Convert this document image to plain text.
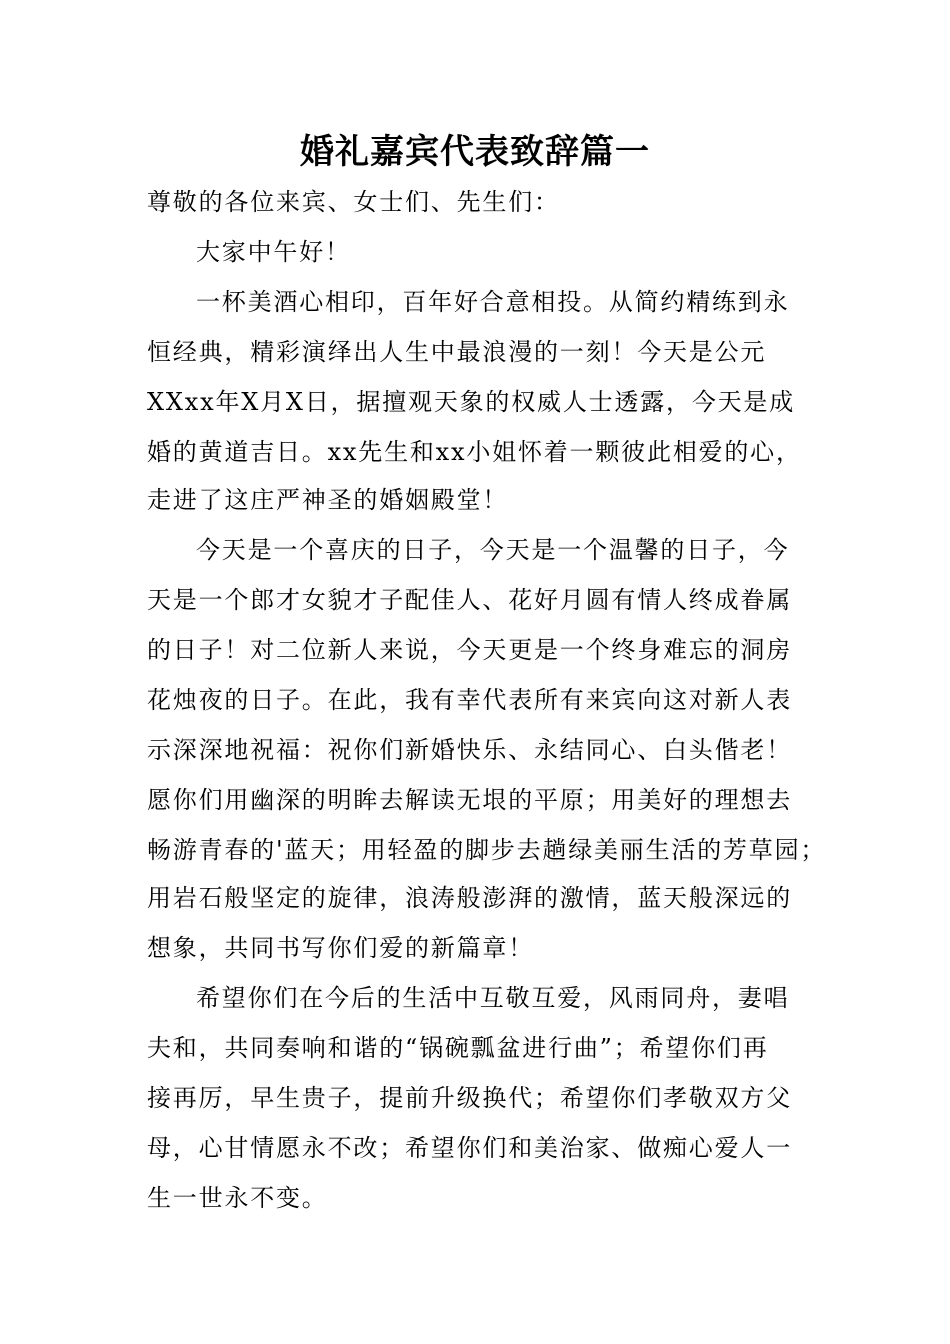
婚礼嘉宾代表致辞篇一
尊敬的各位来宾、女士们、先生们：
大家中午好！
一杯美酒心相印，百年好合意相投。从简约精练到永
恒经典，精彩演绎出人生中最浪漫的一刻！今天是公元
XXxx年X月X日，据擅观天象的权威人士透露，今天是成
婚的黄道吉日。xx先生和xx小姐怀着一颗彼此相爱的心，
走进了这庄严神圣的婚姻殿堂！
今天是一个喜庆的日子，今天是一个温馨的日子，今
天是一个郎才女貌才子配佳人、花好月圆有情人终成眷属
的日子！对二位新人来说，今天更是一个终身难忘的洞房
花烛夜的日子。在此，我有幸代表所有来宾向这对新人表
示深深地祝福：祝你们新婚快乐、永结同心、白头偕老！
愿你们用幽深的明眸去解读无垠的平原；用美好的理想去
畅游青春的'蓝天；用轻盈的脚步去趟绿美丽生活的芳草园；
用岩石般坚定的旋律，浪涛般澎湃的激情，蓝天般深远的
想象，共同书写你们爱的新篇章！
希望你们在今后的生活中互敬互爱，风雨同舟，妻唱
夫和，共同奏响和谐的“锅碗瓢盆进行曲”；希望你们再
接再厉，早生贵子，提前升级换代；希望你们孝敬双方父
母，心甘情愿永不改；希望你们和美治家、做痴心爱人一
生一世永不变。
